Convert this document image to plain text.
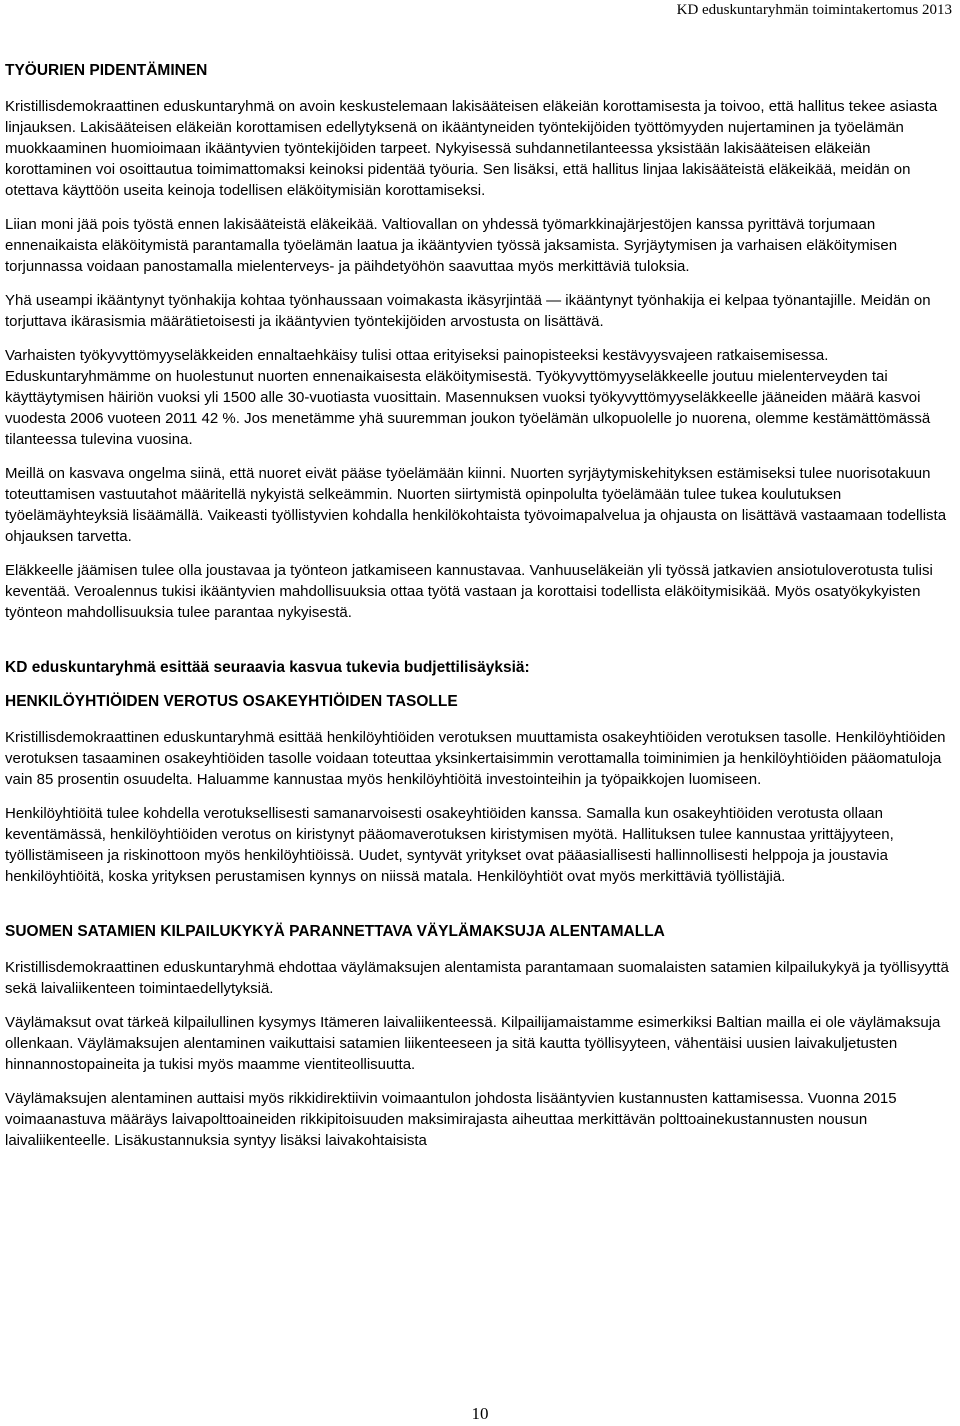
KD eduskuntaryhmän toimintakertomus 2013
TYÖURIEN PIDENTÄMINEN

Kristillisdemokraattinen eduskuntaryhmä on avoin keskustelemaan lakisääteisen eläkeiän korottamisesta ja toivoo, että hallitus tekee asiasta linjauksen. Lakisääteisen eläkeiän korottamisen edellytyksenä on ikääntyneiden työntekijöiden työttömyyden nujertaminen ja työelämän muokkaaminen huomioimaan ikääntyvien työntekijöiden tarpeet. Nykyisessä suhdannetilanteessa yksistään lakisääteisen eläkeiän korottaminen voi osoittautua toimimattomaksi keinoksi pidentää työuria. Sen lisäksi, että hallitus linjaa lakisääteistä eläkeikää, meidän on otettava käyttöön useita keinoja todellisen eläköitymisiän korottamiseksi.

Liian moni jää pois työstä ennen lakisääteistä eläkeikää. Valtiovallan on yhdessä työmarkkinajärjestöjen kanssa pyrittävä torjumaan ennenaikaista eläköitymistä parantamalla työelämän laatua ja ikääntyvien työssä jaksamista. Syrjäytymisen ja varhaisen eläköitymisen torjunnassa voidaan panostamalla mielenterveys- ja päihdetyöhön saavuttaa myös merkittäviä tuloksia.

Yhä useampi ikääntynyt työnhakija kohtaa työnhaussaan voimakasta ikäsyrjintää — ikääntynyt työnhakija ei kelpaa työnantajille. Meidän on torjuttava ikärasismia määrätietoisesti ja ikääntyvien työntekijöiden arvostusta on lisättävä.

Varhaisten työkyvyttömyyseläkkeiden ennaltaehkäisy tulisi ottaa erityiseksi painopisteeksi kestävyysvajeen ratkaisemisessa. Eduskuntaryhmämme on huolestunut nuorten ennenaikaisesta eläköitymisestä. Työkyvyttömyyseläkkeelle joutuu mielenterveyden tai käyttäytymisen häiriön vuoksi yli 1500 alle 30-vuotiasta vuosittain. Masennuksen vuoksi työkyvyttömyyseläkkeelle jääneiden määrä kasvoi vuodesta 2006 vuoteen 2011 42 %. Jos menetämme yhä suuremman joukon työelämän ulkopuolelle jo nuorena, olemme kestämättömässä tilanteessa tulevina vuosina.

Meillä on kasvava ongelma siinä, että nuoret eivät pääse työelämään kiinni. Nuorten syrjäytymiskehityksen estämiseksi tulee nuorisotakuun toteuttamisen vastuutahot määritellä nykyistä selkeämmin. Nuorten siirtymistä opinpolulta työelämään tulee tukea koulutuksen työelämäyhteyksiä lisäämällä. Vaikeasti työllistyvien kohdalla henkilökohtaista työvoimapalvelua ja ohjausta on lisättävä vastaamaan todellista ohjauksen tarvetta.

Eläkkeelle jäämisen tulee olla joustavaa ja työnteon jatkamiseen kannustavaa. Vanhuuseläkeiän yli työssä jatkavien ansiotuloverotusta tulisi keventää. Veroalennus tukisi ikääntyvien mahdollisuuksia ottaa työtä vastaan ja korottaisi todellista eläköitymisikää. Myös osatyökykyisten työnteon mahdollisuuksia tulee parantaa nykyisestä.

KD eduskuntaryhmä esittää seuraavia kasvua tukevia budjettilisäyksiä:
HENKILÖYHTIÖIDEN VEROTUS OSAKEYHTIÖIDEN TASOLLE

Kristillisdemokraattinen eduskuntaryhmä esittää henkilöyhtiöiden verotuksen muuttamista osakeyhtiöiden verotuksen tasolle. Henkilöyhtiöiden verotuksen tasaaminen osakeyhtiöiden tasolle voidaan toteuttaa yksinkertaisimmin verottamalla toiminimien ja henkilöyhtiöiden pääomatuloja vain 85 prosentin osuudelta. Haluamme kannustaa myös henkilöyhtiöitä investointeihin ja työpaikkojen luomiseen.

Henkilöyhtiöitä tulee kohdella verotuksellisesti samanarvoisesti osakeyhtiöiden kanssa. Samalla kun osakeyhtiöiden verotusta ollaan keventämässä, henkilöyhtiöiden verotus on kiristynyt pääomaverotuksen kiristymisen myötä. Hallituksen tulee kannustaa yrittäjyyteen, työllistämiseen ja riskinottoon myös henkilöyhtiöissä. Uudet, syntyvät yritykset ovat pääasiallisesti hallinnollisesti helppoja ja joustavia henkilöyhtiöitä, koska yrityksen perustamisen kynnys on niissä matala. Henkilöyhtiöt ovat myös merkittäviä työllistäjiä.

SUOMEN SATAMIEN KILPAILUKYKYÄ PARANNETTAVA VÄYLÄMAKSUJA ALENTAMALLA

Kristillisdemokraattinen eduskuntaryhmä ehdottaa väylämaksujen alentamista parantamaan suomalaisten satamien kilpailukykyä ja työllisyyttä sekä laivaliikenteen toimintaedellytyksiä.

Väylämaksut ovat tärkeä kilpailullinen kysymys Itämeren laivaliikenteessä. Kilpailijamaistamme esimerkiksi Baltian mailla ei ole väylämaksuja ollenkaan. Väylämaksujen alentaminen vaikuttaisi satamien liikenteeseen ja sitä kautta työllisyyteen, vähentäisi uusien laivakuljetusten hinnannostopaineita ja tukisi myös maamme vientiteollisuutta.

Väylämaksujen alentaminen auttaisi myös rikkidirektiivin voimaantulon johdosta lisääntyvien kustannusten kattamisessa. Vuonna 2015 voimaanastuva määräys laivapolttoaineiden rikkipitoisuuden maksimirajasta aiheuttaa merkittävän polttoainekustannusten nousun laivaliikenteelle. Lisäkustannuksia syntyy lisäksi laivakohtaisista

10
